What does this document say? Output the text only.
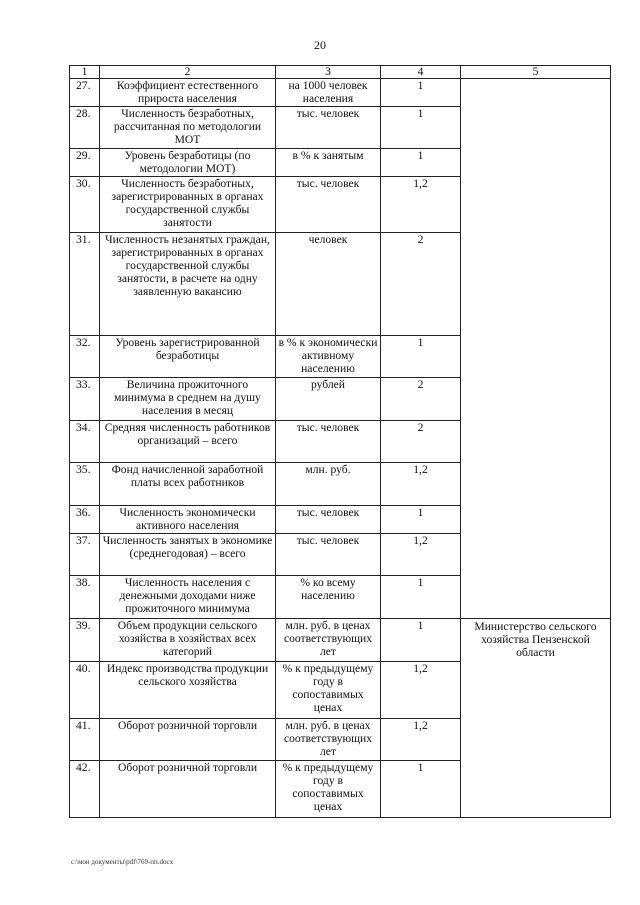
20
1	2	3	4	5
27.	Коэффициент естественного прироста населения	на 1000 человек населения	1	
28.	Численность безработных, рассчитанная по методологии МОТ	тыс. человек	1	
29.	Уровень безработицы (по методологии МОТ)	в % к занятым	1	
30.	Численность безработных, зарегистрированных в органах государственной службы занятости	тыс. человек	1,2	
31.	Численность незанятых граждан, зарегистрированных в органах государственной службы занятости, в расчете на одну заявленную вакансию	человек	2	
32.	Уровень зарегистрированной безработицы	в % к экономически активному населению	1	
33.	Величина прожиточного минимума в среднем на душу населения в месяц	рублей	2	
34.	Средняя численность работников организаций – всего	тыс. человек	2	
35.	Фонд начисленной заработной платы всех работников	млн. руб.	1,2	
36.	Численность экономически активного населения	тыс. человек	1	
37.	Численность занятых в экономике (среднегодовая) – всего	тыс. человек	1,2	
38.	Численность населения с денежными доходами ниже прожиточного минимума	% ко всему населению	1	
39.	Объем продукции сельского хозяйства в хозяйствах всех категорий	млн. руб. в ценах соответствующих лет	1	Министерство сельского хозяйства Пензенской области
40.	Индекс производства продукции сельского хозяйства	% к предыдущему году в сопоставимых ценах	1,2	
41.	Оборот розничной торговли	млн. руб. в ценах соответствующих лет	1,2	
42.	Оборот розничной торговли	% к предыдущему году в сопоставимых ценах	1	
c:\мои документы\pdf\769-пп.docx
